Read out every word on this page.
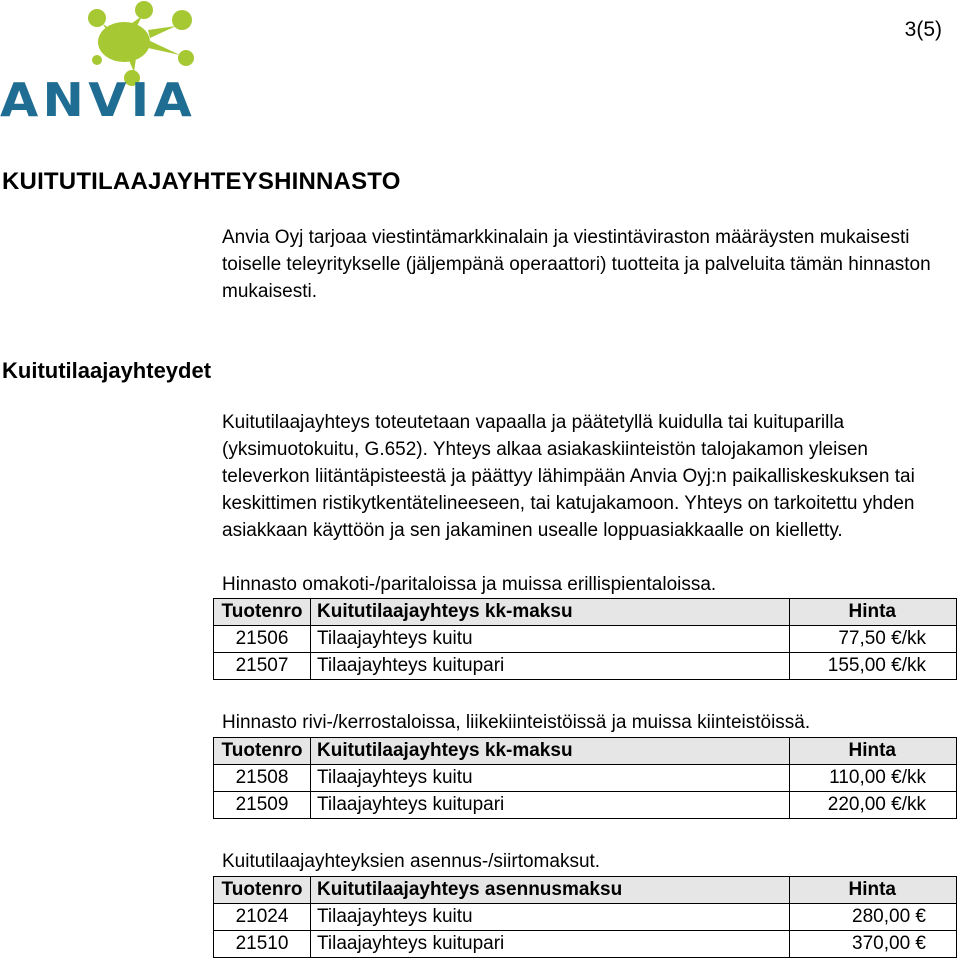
ANVIA
3(5)
KUITUTILAAJAYHTEYSHINNASTO

Anvia Oyj tarjoaa viestintämarkkinalain ja viestintäviraston määräysten mukaisesti toiselle teleyritykselle (jäljempänä operaattori) tuotteita ja palveluita tämän hinnaston mukaisesti.

Kuitutilaajayhteydet

Kuitutilaajayhteys toteutetaan vapaalla ja päätetyllä kuidulla tai kuituparilla (yksimuotokuitu, G.652). Yhteys alkaa asiakaskiinteistön talojakamon yleisen televerkon liitäntäpisteestä ja päättyy lähimpään Anvia Oyj:n paikalliskeskuksen tai keskittimen ristikytkentätelineeseen, tai katujakamoon. Yhteys on tarkoitettu yhden asiakkaan käyttöön ja sen jakaminen usealle loppuasiakkaalle on kielletty.

Hinnasto omakoti-/paritaloissa ja muissa erillispientaloissa.

Tuotenro	Kuitutilaajayhteys kk-maksu	Hinta
21506	Tilaajayhteys kuitu	77,50 €/kk
21507	Tilaajayhteys kuitupari	155,00 €/kk

Hinnasto rivi-/kerrostaloissa, liikekiinteistöissä ja muissa kiinteistöissä.

Tuotenro	Kuitutilaajayhteys kk-maksu	Hinta
21508	Tilaajayhteys kuitu	110,00 €/kk
21509	Tilaajayhteys kuitupari	220,00 €/kk

Kuitutilaajayhteyksien asennus-/siirtomaksut.

Tuotenro	Kuitutilaajayhteys asennusmaksu	Hinta
21024	Tilaajayhteys kuitu	280,00 €
21510	Tilaajayhteys kuitupari	370,00 €
